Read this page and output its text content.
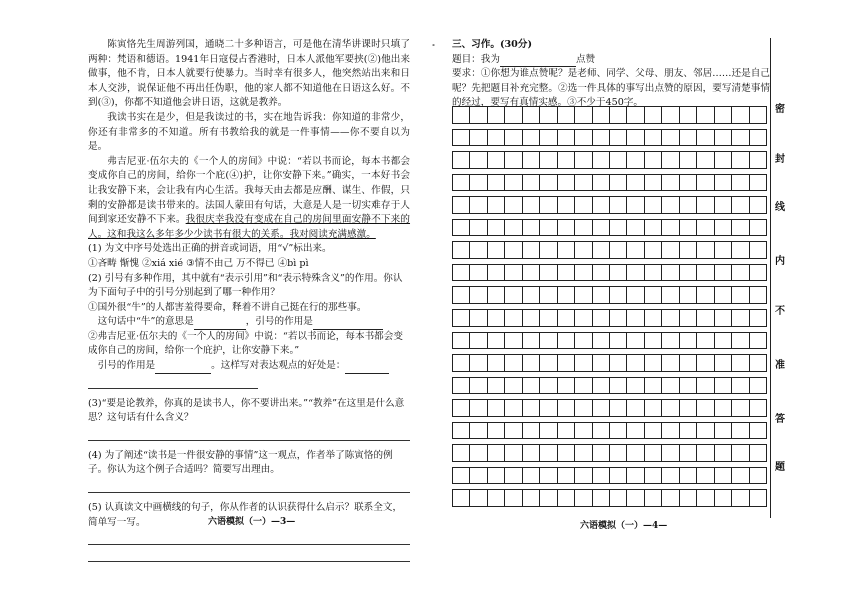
陈寅恪先生周游列国，通晓二十多种语言，可是他在清华讲课时只填了两种：梵语和德语。1941年日寇侵占香港时，日本人派他军要挟(②)他出来做事，他不肯，日本人就要行使暴力。当时幸有很多人，他突然站出来和日本人交涉，说保证他不再出任伪职，他的家人都不知道他在日语这么好。不到(③)，你都不知道他会讲日语，这就是教养。

我读书实在是少，但是我读过的书，实在地告诉我：你知道的非常少，你还有非常多的不知道。所有书教给我的就是一件事情——你不要自以为是。

弗吉尼亚·伍尔夫的《一个人的房间》中说：“若以书而论，每本书都会变成你自己的房间，给你一个庇(④)护，让你安静下来。”确实，一本好书会让我安静下来，会让我有内心生活。我每天由去都是应酬、谋生、作假，只剩的安静都是读书带来的。法国人蒙田有句话，大意是人是一切实难存于人间到家还安静不下来。我很庆幸我没有变成在自己的房间里面安静不下来的人。这和我这么多年多少少读书有很大的关系。我对阅读充满感激。

(1) 为文中序号处选出正确的拼音或词语，用“√”标出来。

①吝畴 惭愧 ②xiá xié ③情不由己 万不得已 ④bì pì

(2) 引号有多种作用，其中就有“表示引用”和“表示特殊含义”的作用。你认为下面句子中的引号分别起到了哪一种作用？

①国外很“牛”的人都害羞得要命，释着不讲自己挺在行的那些事。

这句话中“牛”的意思是	，引号的作用是

②弗吉尼亚·伍尔夫的《一个人的房间》中说：“若以书而论，每本书都会变成你自己的房间，给你一个庇护，让你安静下来。”

引号的作用是	。这样写对表达观点的好处是：

(3)“要是论教养，你真的是读书人，你不要讲出来。”“教养”在这里是什么意思？这句话有什么含义？

(4) 为了阐述“读书是一件很安静的事情”这一观点，作者举了陈寅恪的例子。你认为这个例子合适吗？简要写出理由。

(5) 认真读文中画横线的句子，你从作者的认识获得什么启示？联系全文，简单写一写。	六语模拟（一）—3—
三、习作。(30分)
题目：我为	点赞
要求：①你想为谁点赞呢？是老师、同学、父母、朋友、邻居……还是自己呢？先把题目补充完整。②选一件具体的事写出点赞的原因，要写清楚事情的经过，要写有真情实感。③不少于450字。
六语模拟（一）—4—
密
封
线
内
不
准
答
题
°
